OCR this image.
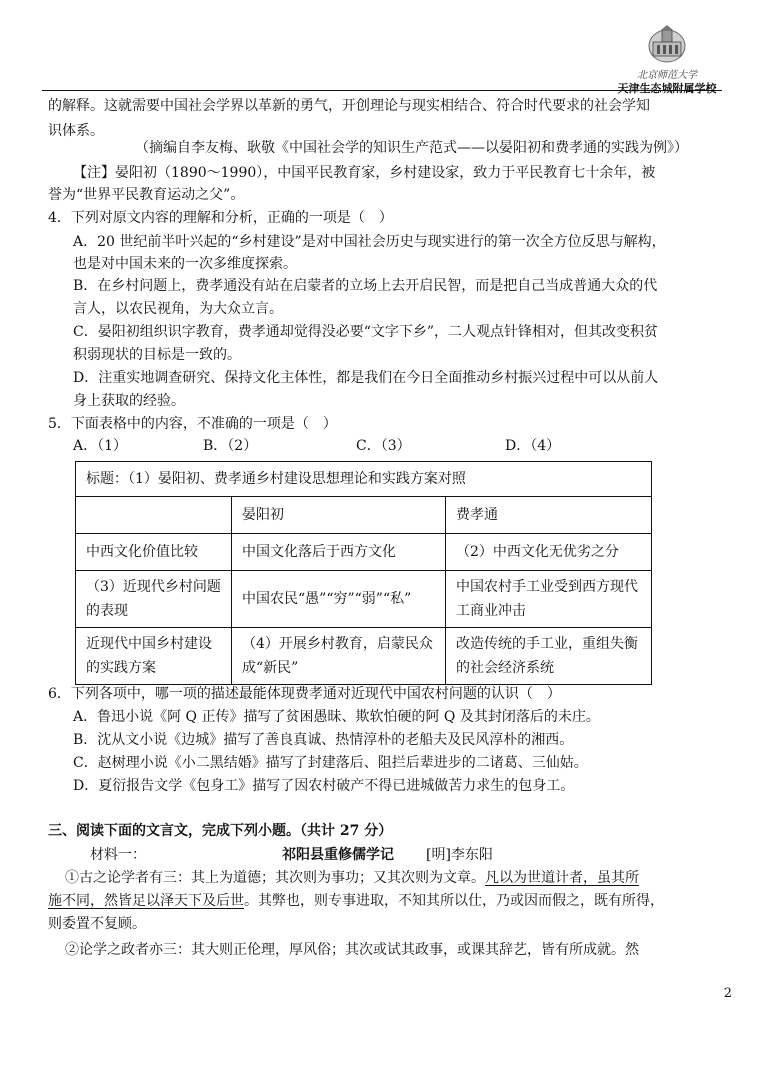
北京师范大学
天津生态城附属学校
的解释。这就需要中国社会学界以革新的勇气，开创理论与现实相结合、符合时代要求的社会学知
识体系。
（摘编自李友梅、耿敬《中国社会学的知识生产范式——以晏阳初和费孝通的实践为例》）
【注】晏阳初（1890～1990），中国平民教育家，乡村建设家，致力于平民教育七十余年，被
誉为“世界平民教育运动之父”。
4．下列对原文内容的理解和分析，正确的一项是（　）
A．20 世纪前半叶兴起的“乡村建设”是对中国社会历史与现实进行的第一次全方位反思与解构，
也是对中国未来的一次多维度探索。
B．在乡村问题上，费孝通没有站在启蒙者的立场上去开启民智，而是把自己当成普通大众的代
言人，以农民视角，为大众立言。
C．晏阳初组织识字教育，费孝通却觉得没必要“文字下乡”，二人观点针锋相对，但其改变积贫
积弱现状的目标是一致的。
D．注重实地调查研究、保持文化主体性，都是我们在今日全面推动乡村振兴过程中可以从前人
身上获取的经验。
5．下面表格中的内容，不准确的一项是（　）
A．（1）	B．（2）	C．（3）	D．（4）
标题：（1）晏阳初、费孝通乡村建设思想理论和实践方案对照		
	晏阳初	费孝通
中西文化价值比较	中国文化落后于西方文化	（2）中西文化无优劣之分
（3）近现代乡村问题的表现	中国农民“愚”“穷”“弱”“私”	中国农村手工业受到西方现代工商业冲击
近现代中国乡村建设的实践方案	（4）开展乡村教育，启蒙民众成“新民”	改造传统的手工业，重组失衡的社会经济系统
6．下列各项中，哪一项的描述最能体现费孝通对近现代中国农村问题的认识（　）
A．鲁迅小说《阿 Q 正传》描写了贫困愚昧、欺软怕硬的阿 Q 及其封闭落后的未庄。
B．沈从文小说《边城》描写了善良真诚、热情淳朴的老船夫及民风淳朴的湘西。
C．赵树理小说《小二黑结婚》描写了封建落后、阻拦后辈进步的二诸葛、三仙姑。
D．夏衍报告文学《包身工》描写了因农村破产不得已进城做苦力求生的包身工。
三、阅读下面的文言文，完成下列小题。（共计 27 分）
材料一：	祁阳县重修儒学记	[明]李东阳
①古之论学者有三：其上为道德；其次则为事功；又其次则为文章。凡以为世道计者，虽其所
施不同，然皆足以泽天下及后世。其弊也，则专事进取，不知其所以仕，乃或因而假之，既有所得，
则委置不复顾。
②论学之政者亦三：其大则正伦理，厚风俗；其次或试其政事，或课其辞艺，皆有所成就。然
2
